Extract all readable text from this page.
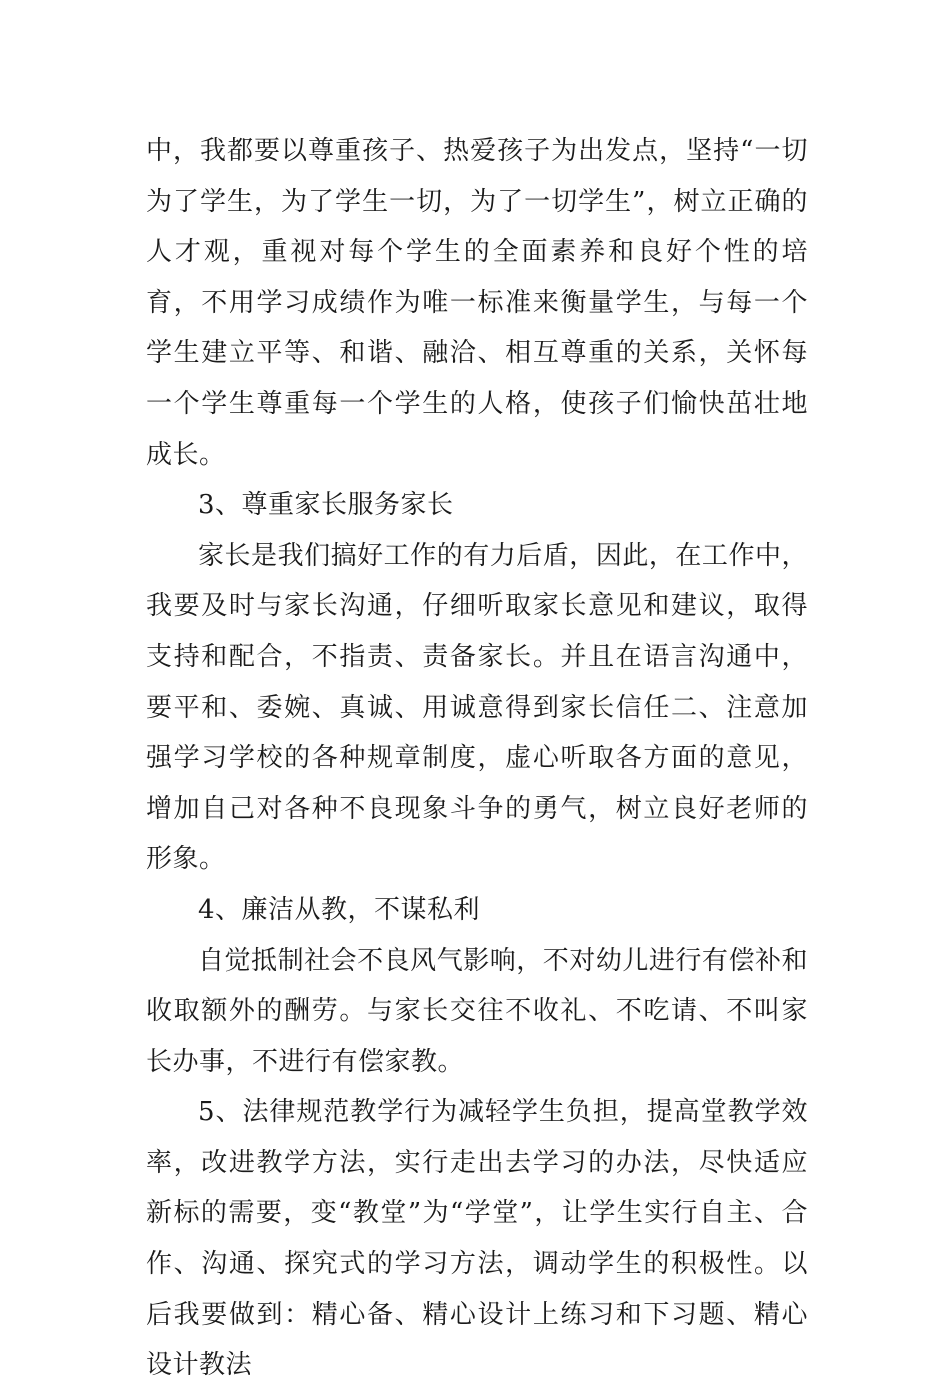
中，我都要以尊重孩子、热爱孩子为出发点，坚持“一切为了学生，为了学生一切，为了一切学生”，树立正确的人才观，重视对每个学生的全面素养和良好个性的培育，不用学习成绩作为唯一标准来衡量学生，与每一个学生建立平等、和谐、融洽、相互尊重的关系，关怀每一个学生尊重每一个学生的人格，使孩子们愉快茁壮地成长。

3、尊重家长服务家长

家长是我们搞好工作的有力后盾，因此，在工作中，我要及时与家长沟通，仔细听取家长意见和建议，取得支持和配合，不指责、责备家长。并且在语言沟通中，要平和、委婉、真诚、用诚意得到家长信任二、注意加强学习学校的各种规章制度，虚心听取各方面的意见，增加自己对各种不良现象斗争的勇气，树立良好老师的形象。

4、廉洁从教，不谋私利

自觉抵制社会不良风气影响，不对幼儿进行有偿补和收取额外的酬劳。与家长交往不收礼、不吃请、不叫家长办事，不进行有偿家教。

5、法律规范教学行为减轻学生负担，提高堂教学效率，改进教学方法，实行走出去学习的办法，尽快适应新标的需要，变“教堂”为“学堂”，让学生实行自主、合作、沟通、探究式的学习方法，调动学生的积极性。以后我要做到：精心备、精心设计上练习和下习题、精心设计教法
